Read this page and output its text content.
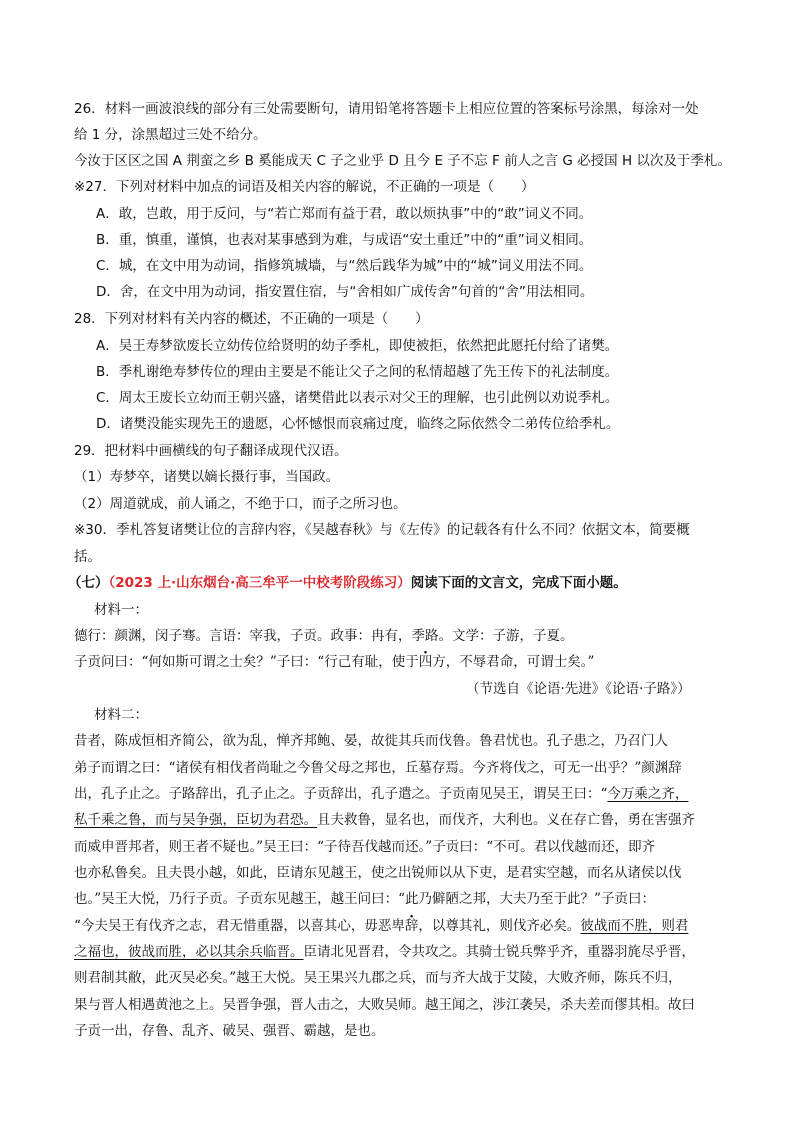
26．材料一画波浪线的部分有三处需要断句，请用铅笔将答题卡上相应位置的答案标号涂黑，每涂对一处
给 1 分，涂黑超过三处不给分。
今汝于区区之国 A 荆蛮之乡 B 奚能成天 C 子之业乎 D 且今 E 子不忘 F 前人之言 G 必授国 H 以次及于季札。
※27．下列对材料中加点的词语及相关内容的解说，不正确的一项是（　　）
A．敢，岂敢，用于反问，与“若亡郑而有益于君，敢以烦执事”中的“敢”词义不同。
B．重，慎重，谨慎，也表对某事感到为难，与成语“安土重迁”中的“重”词义相同。
C．城，在文中用为动词，指修筑城墙，与“然后践华为城”中的“城”词义用法不同。
D．舍，在文中用为动词，指安置住宿，与“舍相如广成传舍”句首的“舍”用法相同。
28．下列对材料有关内容的概述，不正确的一项是（　　）
A．吴王寿梦欲废长立幼传位给贤明的幼子季札，即使被拒，依然把此愿托付给了诸樊。
B．季札谢绝寿梦传位的理由主要是不能让父子之间的私情超越了先王传下的礼法制度。
C．周太王废长立幼而王朝兴盛，诸樊借此以表示对父王的理解，也引此例以劝说季札。
D．诸樊没能实现先王的遗愿，心怀憾恨而哀痛过度，临终之际依然令二弟传位给季札。
29．把材料中画横线的句子翻译成现代汉语。
（1）寿梦卒，诸樊以嫡长摄行事，当国政。
（2）周道就成，前人诵之，不绝于口，而子之所习也。
※30．季札答复诸樊让位的言辞内容，《吴越春秋》与《左传》的记载各有什么不同？依据文本，简要概
括。
（七）（2023 上·山东烟台·高三牟平一中校考阶段练习）阅读下面的文言文，完成下面小题。
材料一：
德行：颜渊，闵子骞。言语：宰我，子贡。政事：冉有，季路。文学：子游，子夏。
子贡问曰：“何如斯可谓之士矣？”子曰：“行己有耻，使于四方，不辱君命，可谓士矣。”
（节选自《论语·先进》《论语·子路》）
材料二：
昔者，陈成恒相齐简公，欲为乱，惮齐邦鲍、晏，故徙其兵而伐鲁。鲁君忧也。孔子患之，乃召门人
弟子而谓之曰：“诸侯有相伐者尚耻之今鲁父母之邦也，丘墓存焉。今齐将伐之，可无一出乎？”颜渊辞
出，孔子止之。子路辞出，孔子止之。子贡辞出，孔子遣之。子贡南见吴王，谓吴王曰：“今万乘之齐，
私千乘之鲁，而与吴争强，臣切为君恐。且夫救鲁，显名也，而伐齐，大利也。义在存亡鲁，勇在害强齐
而威申晋邦者，则王者不疑也。”吴王曰：“子待吾伐越而还。”子贡曰：“不可。君以伐越而还，即齐
也亦私鲁矣。且夫畏小越，如此，臣请东见越王，使之出锐师以从下吏，是君实空越，而名从诸侯以伐
也。”吴王大悦，乃行子贡。子贡东见越王，越王问曰：“此乃僻陋之邦，大夫乃至于此？”子贡曰：
“今夫吴王有伐齐之志，君无惜重器，以喜其心，毋恶卑辞，以尊其礼，则伐齐必矣。彼战而不胜，则君
之福也，彼战而胜，必以其余兵临晋。臣请北见晋君，令共攻之。其骑士锐兵弊乎齐，重器羽旄尽乎晋，
则君制其敝，此灭吴必矣。”越王大悦。吴王果兴九郡之兵，而与齐大战于艾陵，大败齐师，陈兵不归，
果与晋人相遇黄池之上。吴晋争强，晋人击之，大败吴师。越王闻之，涉江袭吴，杀夫差而僇其相。故曰
子贡一出，存鲁、乱齐、破吴、强晋、霸越，是也。
